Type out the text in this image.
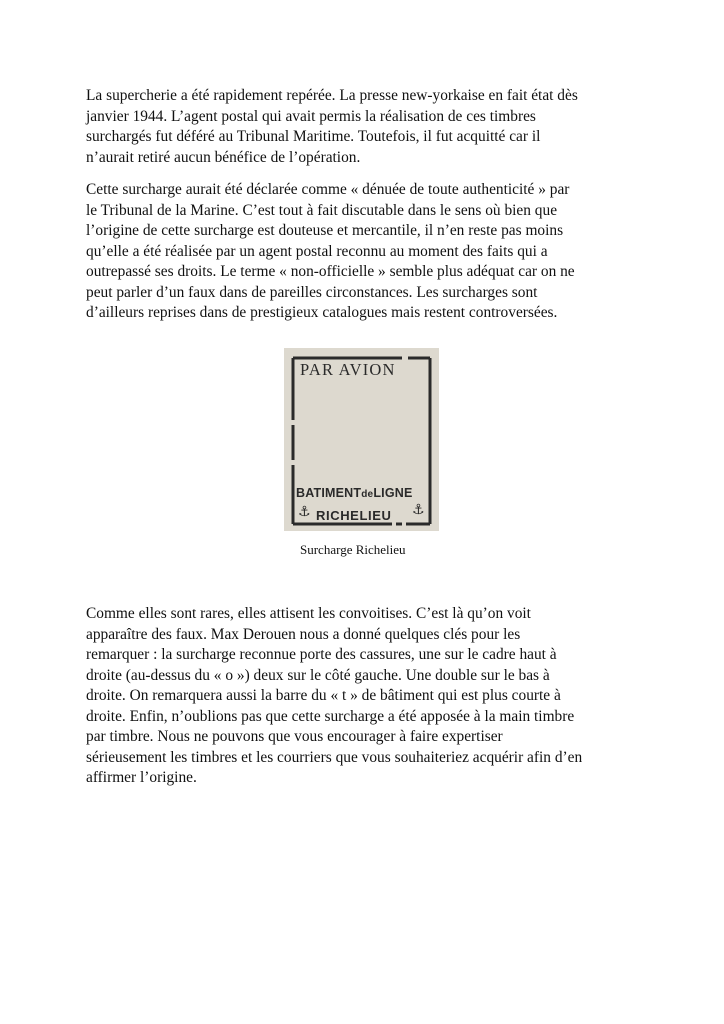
La supercherie a été rapidement repérée. La presse new-yorkaise en fait état dès
janvier 1944. L’agent postal qui avait permis la réalisation de ces timbres
surchargés fut déféré au Tribunal Maritime. Toutefois, il fut acquitté car il
n’aurait retiré aucun bénéfice de l’opération.

Cette surcharge aurait été déclarée comme « dénuée de toute authenticité » par
le Tribunal de la Marine. C’est tout à fait discutable dans le sens où bien que
l’origine de cette surcharge est douteuse et mercantile, il n’en reste pas moins
qu’elle a été réalisée par un agent postal reconnu au moment des faits qui a
outrepassé ses droits. Le terme « non-officielle » semble plus adéquat car on ne
peut parler d’un faux dans de pareilles circonstances. Les surcharges sont
d’ailleurs reprises dans de prestigieux catalogues mais restent controversées.

PAR AVION
BATIMENTdeLIGNE
⚓ RICHELIEU ⚓
Surcharge Richelieu

Comme elles sont rares, elles attisent les convoitises. C’est là qu’on voit
apparaître des faux. Max Derouen nous a donné quelques clés pour les
remarquer : la surcharge reconnue porte des cassures, une sur le cadre haut à
droite (au-dessus du « o ») deux sur le côté gauche. Une double sur le bas à
droite. On remarquera aussi la barre du « t » de bâtiment qui est plus courte à
droite. Enfin, n’oublions pas que cette surcharge a été apposée à la main timbre
par timbre. Nous ne pouvons que vous encourager à faire expertiser
sérieusement les timbres et les courriers que vous souhaiteriez acquérir afin d’en
affirmer l’origine.
